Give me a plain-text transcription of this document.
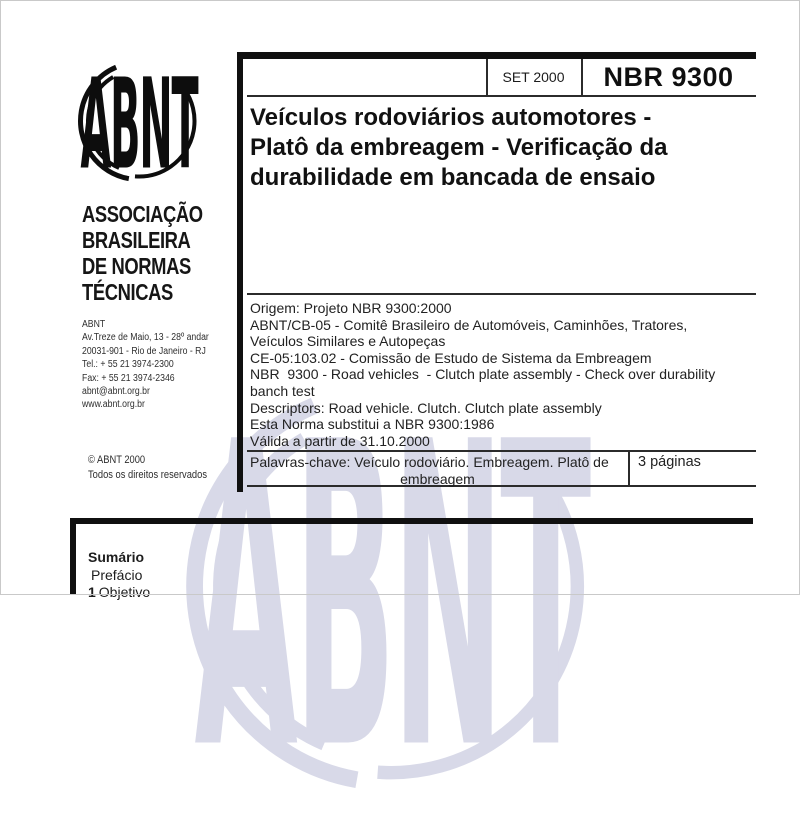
ASSOCIAÇÃO
BRASILEIRA
DE NORMAS
TÉCNICAS
ABNT
Av.Treze de Maio, 13 - 28º andar
20031-901 - Rio de Janeiro - RJ
Tel.: + 55 21 3974-2300
Fax: + 55 21 3974-2346
abnt@abnt.org.br
www.abnt.org.br
© ABNT 2000
Todos os direitos reservados
SET 2000	NBR 9300
Veículos rodoviários automotores -
Platô da embreagem - Verificação da
durabilidade em bancada de ensaio
Origem: Projeto NBR 9300:2000
ABNT/CB-05 - Comitê Brasileiro de Automóveis, Caminhões, Tratores,
Veículos Similares e Autopeças
CE-05:103.02 - Comissão de Estudo de Sistema da Embreagem
NBR  9300 - Road vehicles  - Clutch plate assembly - Check over durability
banch test
Descriptors: Road vehicle. Clutch. Clutch plate assembly
Esta Norma substitui a NBR 9300:1986
Válida a partir de 31.10.2000
Palavras-chave: Veículo rodoviário. Embreagem. Platô de
embreagem
3 páginas
Sumário
Prefácio
1 Objetivo
